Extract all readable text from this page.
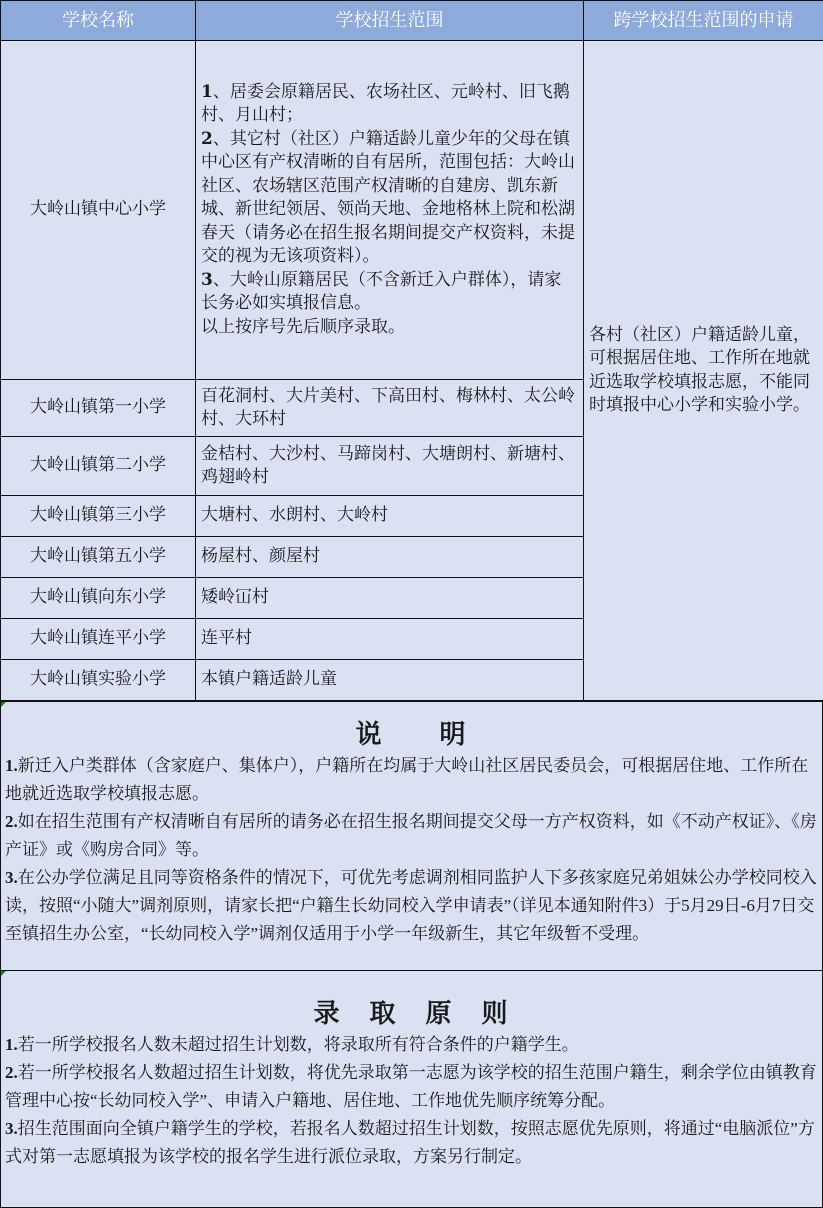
学校名称	学校招生范围	跨学校招生范围的申请
大岭山镇中心小学	1、居委会原籍居民、农场社区、元岭村、旧飞鹅村、月山村；
2、其它村（社区）户籍适龄儿童少年的父母在镇中心区有产权清晰的自有居所，范围包括：大岭山社区、农场辖区范围产权清晰的自建房、凯东新城、新世纪领居、领尚天地、金地格林上院和松湖春天（请务必在招生报名期间提交产权资料，未提交的视为无该项资料）。
3、大岭山原籍居民（不含新迁入户群体），请家长务必如实填报信息。
以上按序号先后顺序录取。	各村（社区）户籍适龄儿童，可根据居住地、工作所在地就近选取学校填报志愿，不能同时填报中心小学和实验小学。
大岭山镇第一小学	百花洞村、大片美村、下高田村、梅林村、太公岭村、大环村	
大岭山镇第二小学	金桔村、大沙村、马蹄岗村、大塘朗村、新塘村、鸡翅岭村	
大岭山镇第三小学	大塘村、水朗村、大岭村	
大岭山镇第五小学	杨屋村、颜屋村	
大岭山镇向东小学	矮岭冚村	
大岭山镇连平小学	连平村	
大岭山镇实验小学	本镇户籍适龄儿童	
说　　明

1.新迁入户类群体（含家庭户、集体户），户籍所在均属于大岭山社区居民委员会，可根据居住地、工作所在地就近选取学校填报志愿。

2.如在招生范围有产权清晰自有居所的请务必在招生报名期间提交父母一方产权资料，如《不动产权证》、《房产证》或《购房合同》等。

3.在公办学位满足且同等资格条件的情况下，可优先考虑调剂相同监护人下多孩家庭兄弟姐妹公办学校同校入读，按照“小随大”调剂原则，请家长把“户籍生长幼同校入学申请表”（详见本通知附件3）于5月29日-6月7日交至镇招生办公室，“长幼同校入学”调剂仅适用于小学一年级新生，其它年级暂不受理。

录　取　原　则

1.若一所学校报名人数未超过招生计划数，将录取所有符合条件的户籍学生。

2.若一所学校报名人数超过招生计划数，将优先录取第一志愿为该学校的招生范围户籍生，剩余学位由镇教育管理中心按“长幼同校入学”、申请入户籍地、居住地、工作地优先顺序统筹分配。

3.招生范围面向全镇户籍学生的学校，若报名人数超过招生计划数，按照志愿优先原则，将通过“电脑派位”方式对第一志愿填报为该学校的报名学生进行派位录取，方案另行制定。
